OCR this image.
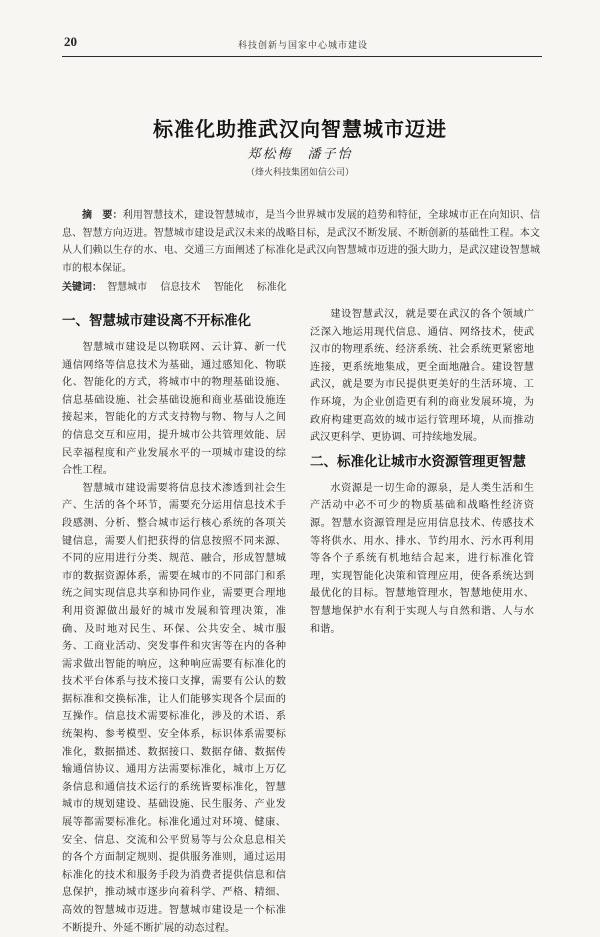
20	科技创新与国家中心城市建设
标准化助推武汉向智慧城市迈进
郑松梅　潘子怡
（烽火科技集团如信公司）
摘　要：利用智慧技术，建设智慧城市，是当今世界城市发展的趋势和特征，全球城市正在向知识、信息、智慧方向迈进。智慧城市建设是武汉未来的战略目标，是武汉不断发展、不断创新的基础性工程。本文从人们赖以生存的水、电、交通三方面阐述了标准化是武汉向智慧城市迈进的强大助力，是武汉建设智慧城市的根本保证。
关键词： 智慧城市 信息技术 智能化 标准化
一、智慧城市建设离不开标准化

智慧城市建设是以物联网、云计算、新一代通信网络等信息技术为基础，通过感知化、物联化、智能化的方式，将城市中的物理基础设施、信息基础设施、社会基础设施和商业基础设施连接起来，智能化的方式支持物与物、物与人之间的信息交互和应用，提升城市公共管理效能、居民幸福程度和产业发展水平的一项城市建设的综合性工程。

智慧城市建设需要将信息技术渗透到社会生产、生活的各个环节，需要充分运用信息技术手段感测、分析、整合城市运行核心系统的各项关键信息，需要人们把获得的信息按照不同来源、不同的应用进行分类、规范、融合，形成智慧城市的数据资源体系，需要在城市的不同部门和系统之间实现信息共享和协同作业，需要更合理地利用资源做出最好的城市发展和管理决策，准确、及时地对民生、环保、公共安全、城市服务、工商业活动、突发事件和灾害等在内的各种需求做出智能的响应，这种响应需要有标准化的技术平台体系与技术接口支撑，需要有公认的数据标准和交换标准，让人们能够实现各个层面的互操作。信息技术需要标准化，涉及的术语、系统架构、参考模型、安全体系，标识体系需要标准化，数据描述、数据接口、数据存储、数据传输通信协议、通用方法需要标准化，城市上万亿条信息和通信技术运行的系统皆要标准化，智慧城市的规划建设、基础设施、民生服务、产业发展等都需要标准化。标准化通过对环境、健康、安全、信息、交流和公平贸易等与公众息息相关的各个方面制定规则、提供服务准则，通过运用标准化的技术和服务手段为消费者提供信息和信息保护，推动城市逐步向着科学、严格、精细、高效的智慧城市迈进。智慧城市建设是一个标准不断提升、外延不断扩展的动态过程。

建设智慧武汉，就是要在武汉的各个领域广泛深入地运用现代信息、通信、网络技术，使武汉市的物理系统、经济系统、社会系统更紧密地连接，更系统地集成，更全面地融合。建设智慧武汉，就是要为市民提供更美好的生活环境、工作环境，为企业创造更有利的商业发展环境，为政府构建更高效的城市运行管理环境，从而推动武汉更科学、更协调、可持续地发展。

二、标准化让城市水资源管理更智慧

水资源是一切生命的源泉，是人类生活和生产活动中必不可少的物质基础和战略性经济资源。智慧水资源管理是应用信息技术、传感技术等将供水、用水、排水、节约用水、污水再利用等各个子系统有机地结合起来，进行标准化管理，实现智能化决策和管理应用，使各系统达到最优化的目标。智慧地管理水，智慧地使用水、智慧地保护水有利于实现人与自然和谐、人与水和谐。
